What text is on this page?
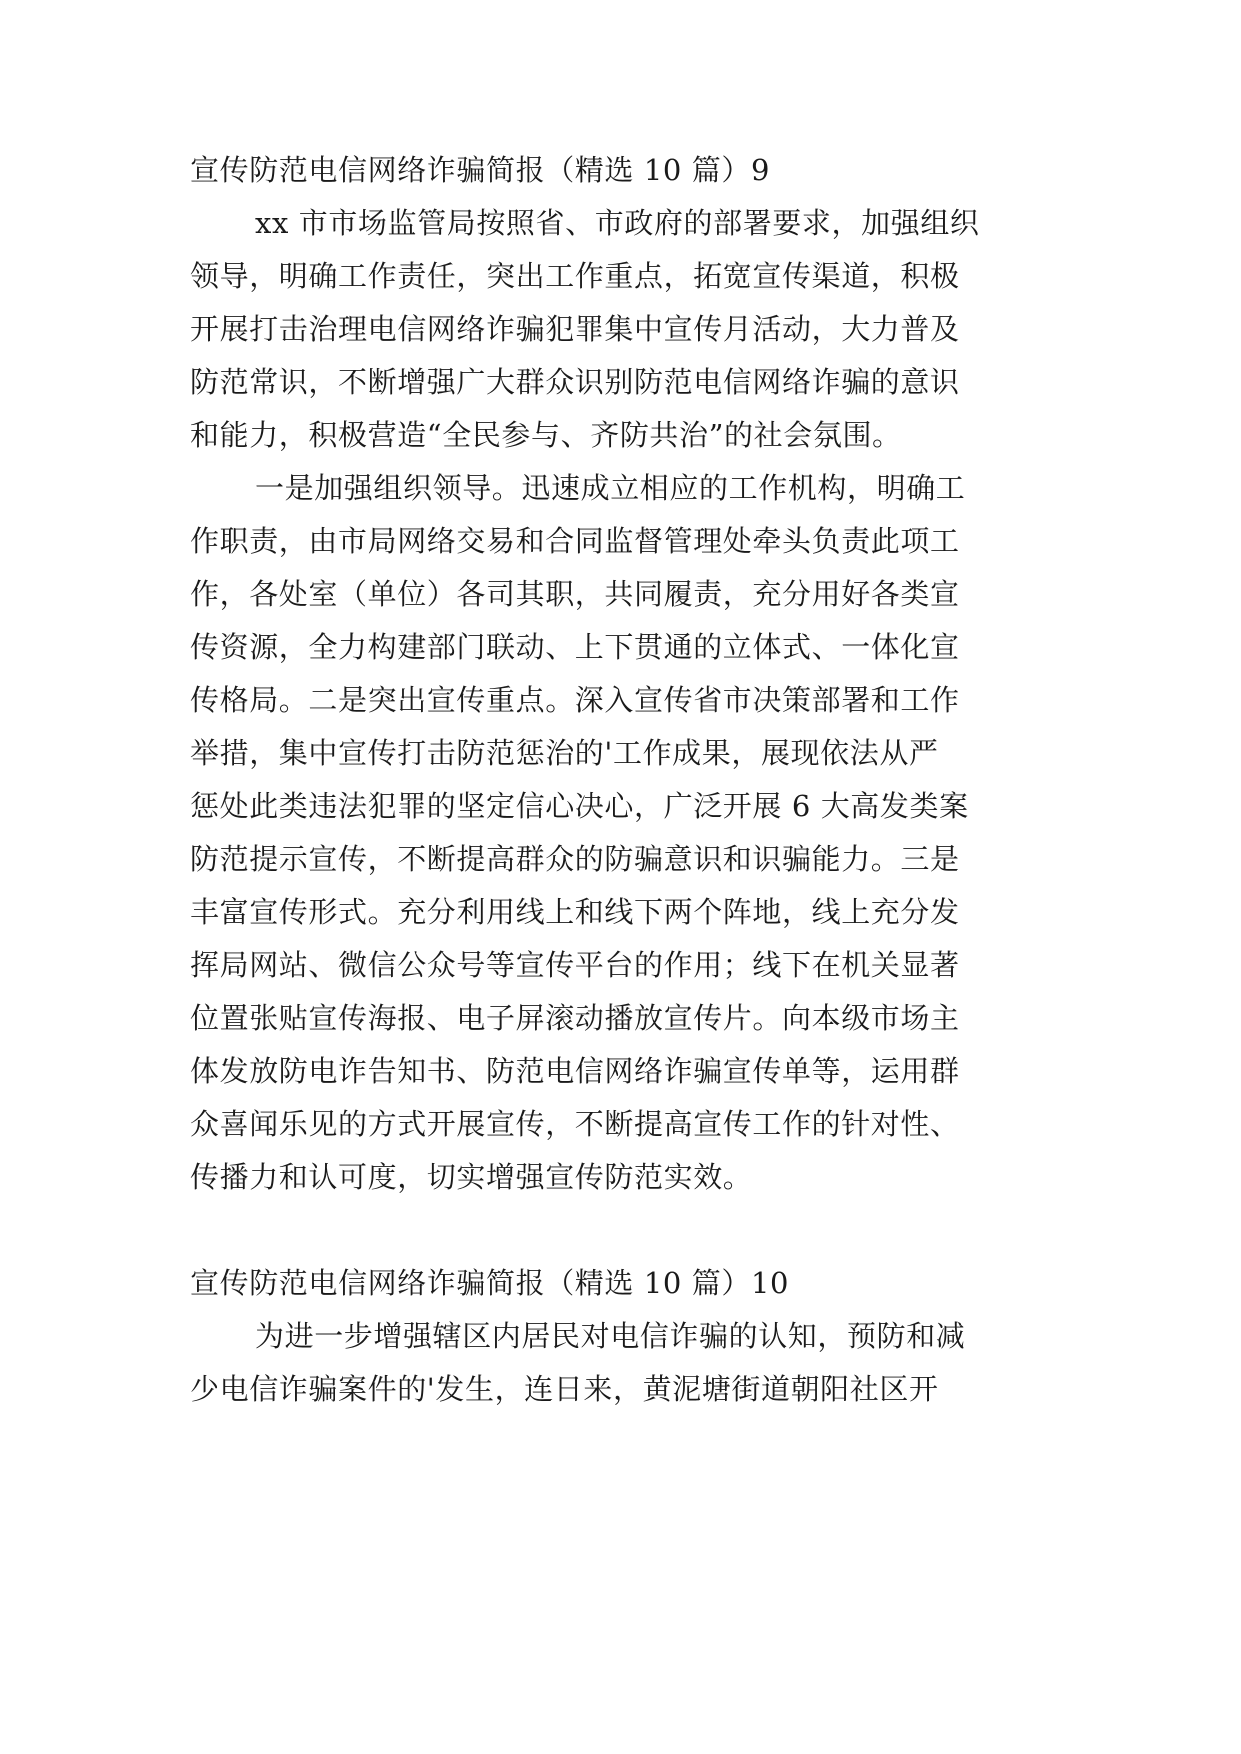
宣传防范电信网络诈骗简报（精选 10 篇）9
xx 市市场监管局按照省、市政府的部署要求，加强组织
领导，明确工作责任，突出工作重点，拓宽宣传渠道，积极
开展打击治理电信网络诈骗犯罪集中宣传月活动，大力普及
防范常识，不断增强广大群众识别防范电信网络诈骗的意识
和能力，积极营造“全民参与、齐防共治”的社会氛围。
一是加强组织领导。迅速成立相应的工作机构，明确工
作职责，由市局网络交易和合同监督管理处牵头负责此项工
作，各处室（单位）各司其职，共同履责，充分用好各类宣
传资源，全力构建部门联动、上下贯通的立体式、一体化宣
传格局。二是突出宣传重点。深入宣传省市决策部署和工作
举措，集中宣传打击防范惩治的'工作成果，展现依法从严
惩处此类违法犯罪的坚定信心决心，广泛开展 6 大高发类案
防范提示宣传，不断提高群众的防骗意识和识骗能力。三是
丰富宣传形式。充分利用线上和线下两个阵地，线上充分发
挥局网站、微信公众号等宣传平台的作用；线下在机关显著
位置张贴宣传海报、电子屏滚动播放宣传片。向本级市场主
体发放防电诈告知书、防范电信网络诈骗宣传单等，运用群
众喜闻乐见的方式开展宣传，不断提高宣传工作的针对性、
传播力和认可度，切实增强宣传防范实效。
宣传防范电信网络诈骗简报（精选 10 篇）10
为进一步增强辖区内居民对电信诈骗的认知，预防和减
少电信诈骗案件的'发生，连日来，黄泥塘街道朝阳社区开
